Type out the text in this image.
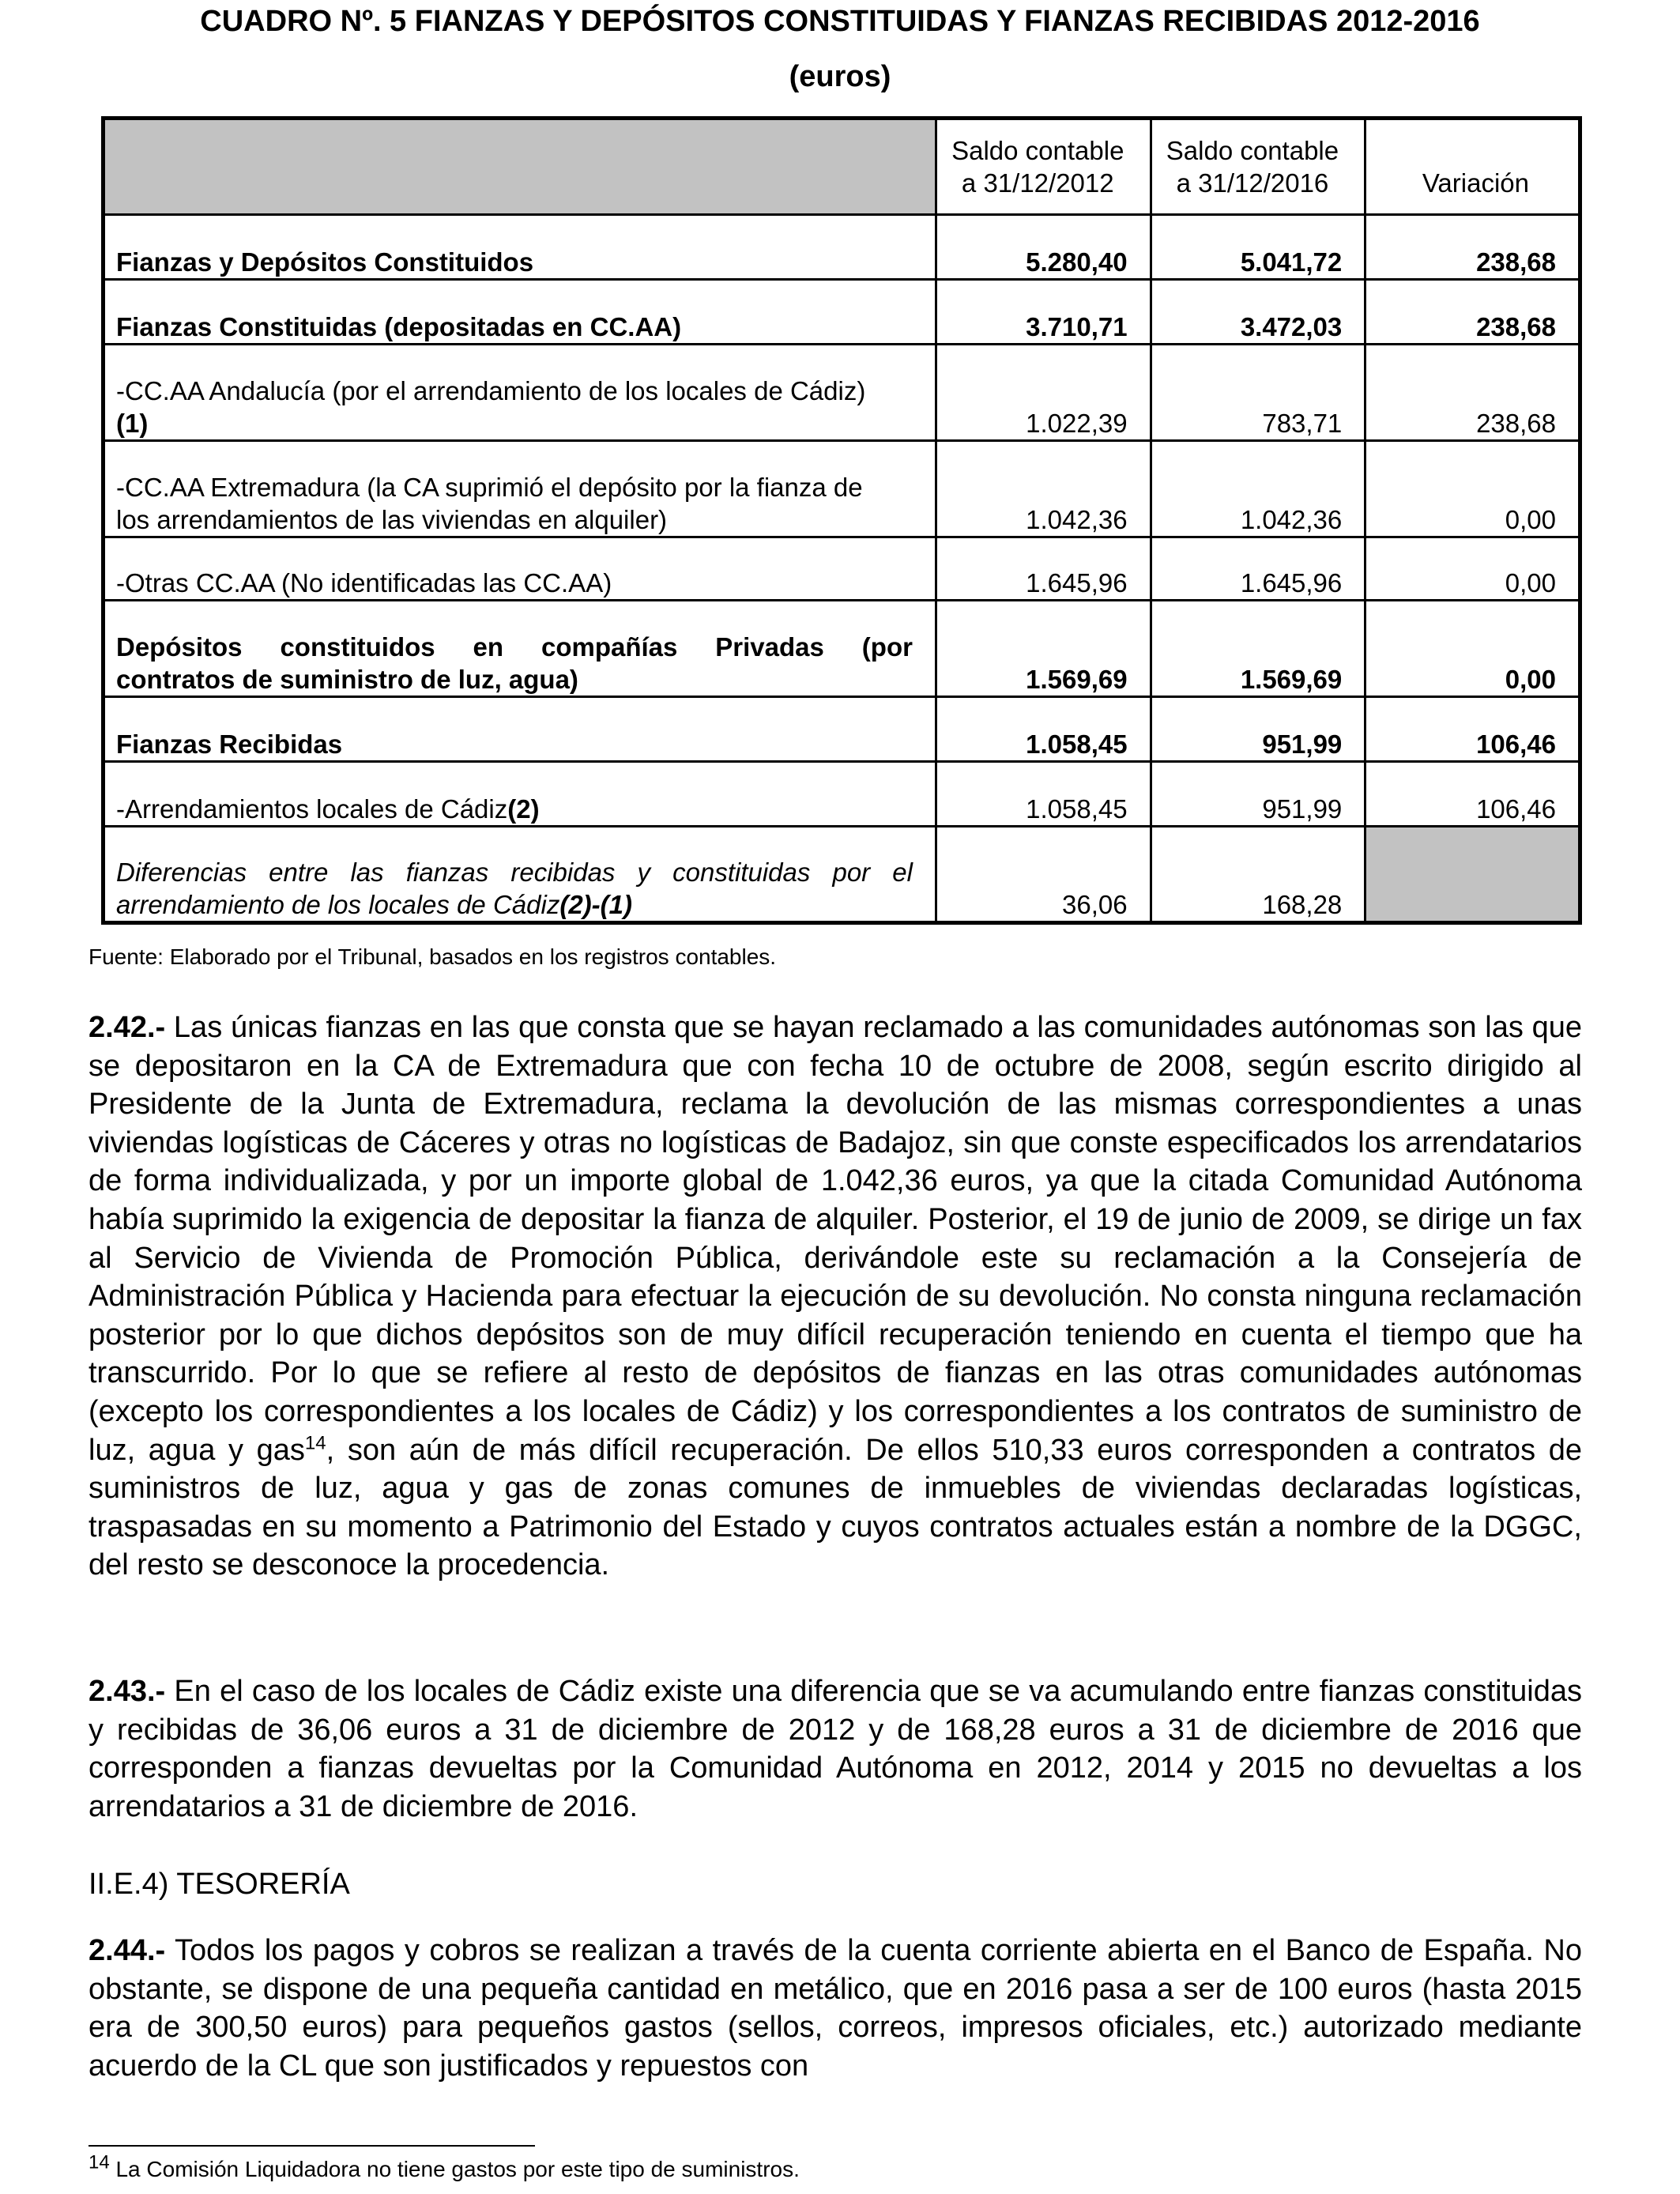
CUADRO Nº. 5 FIANZAS Y DEPÓSITOS CONSTITUIDAS Y FIANZAS RECIBIDAS 2012-2016
(euros)
	Saldo contable a 31/12/2012	Saldo contable a 31/12/2016	Variación
Fianzas y Depósitos Constituidos	5.280,40	5.041,72	238,68
Fianzas Constituidas (depositadas en CC.AA)	3.710,71	3.472,03	238,68
-CC.AA Andalucía (por el arrendamiento de los locales de Cádiz)
(1)	1.022,39	783,71	238,68
-CC.AA Extremadura (la CA suprimió el depósito por la fianza de
los arrendamientos de las viviendas en alquiler)	1.042,36	1.042,36	0,00
-Otras CC.AA (No identificadas las CC.AA)	1.645,96	1.645,96	0,00

Depósitos constituidos en compañías Privadas (por
contratos de suministro de luz, agua)	1.569,69	1.569,69	0,00
Fianzas Recibidas	1.058,45	951,99	106,46
-Arrendamientos locales de Cádiz(2)	1.058,45	951,99	106,46

Diferencias entre las fianzas recibidas y constituidas por el
arrendamiento de los locales de Cádiz(2)-(1)	36,06	168,28	
Fuente: Elaborado por el Tribunal, basados en los registros contables.
2.42.- Las únicas fianzas en las que consta que se hayan reclamado a las comunidades autónomas son las que se depositaron en la CA de Extremadura que con fecha 10 de octubre de 2008, según escrito dirigido al Presidente de la Junta de Extremadura, reclama la devolución de las mismas correspondientes a unas viviendas logísticas de Cáceres y otras no logísticas de Badajoz, sin que conste especificados los arrendatarios de forma individualizada, y por un importe global de 1.042,36 euros, ya que la citada Comunidad Autónoma había suprimido la exigencia de depositar la fianza de alquiler. Posterior, el 19 de junio de 2009, se dirige un fax al Servicio de Vivienda de Promoción Pública, derivándole este su reclamación a la Consejería de Administración Pública y Hacienda para efectuar la ejecución de su devolución. No consta ninguna reclamación posterior por lo que dichos depósitos son de muy difícil recuperación teniendo en cuenta el tiempo que ha transcurrido. Por lo que se refiere al resto de depósitos de fianzas en las otras comunidades autónomas (excepto los correspondientes a los locales de Cádiz) y los correspondientes a los contratos de suministro de luz, agua y gas$^{14}$, son aún de más difícil recuperación. De ellos 510,33 euros corresponden a contratos de suministros de luz, agua y gas de zonas comunes de inmuebles de viviendas declaradas logísticas, traspasadas en su momento a Patrimonio del Estado y cuyos contratos actuales están a nombre de la DGGC, del resto se desconoce la procedencia.
2.43.- En el caso de los locales de Cádiz existe una diferencia que se va acumulando entre fianzas constituidas y recibidas de 36,06 euros a 31 de diciembre de 2012 y de 168,28 euros a 31 de diciembre de 2016 que corresponden a fianzas devueltas por la Comunidad Autónoma en 2012, 2014 y 2015 no devueltas a los arrendatarios a 31 de diciembre de 2016.
II.E.4) TESORERÍA
2.44.- Todos los pagos y cobros se realizan a través de la cuenta corriente abierta en el Banco de España. No obstante, se dispone de una pequeña cantidad en metálico, que en 2016 pasa a ser de 100 euros (hasta 2015 era de 300,50 euros) para pequeños gastos (sellos, correos, impresos oficiales, etc.) autorizado mediante acuerdo de la CL que son justificados y repuestos con
$^{14}$ La Comisión Liquidadora no tiene gastos por este tipo de suministros.
